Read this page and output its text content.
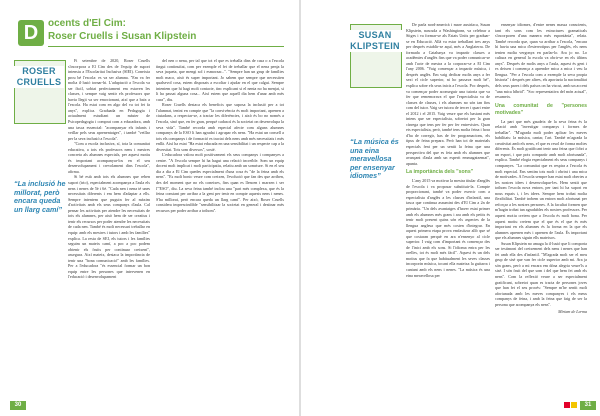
D ocents d'El Cim:
Roser Cruells i Susan Klipstein
ROSER CRUELLS
“La inclusió he millorat, però encara queda un llarg camí”

Fi setembre de 2020, Roser Cruells s'incorpora a El Cim des de l'equip de suport intensiu a l'Escolaritat Inclusiva (SIEI). Coneixia prou bé l'escola: es va ser alumna. "Em va fer molta il·lusió tornar-hi. L'adaptació a l'escola va ser fàcil, sobtat perfectament em estaven les classes, i sempre vaig sentir els professors que havia llegit va ser emocionant, així que a baix a l'escola. Ha estat com en algo del va tot fet fa anys", explica. Graduada en Pedagogia i actualment estudiant un màster de Psicopedagogia i comprat com a educadora, amb una tasca essencial: "acompanyar els infants i vetllar pels seus aprenentatges", i també "vetllar per la seva inclusió a l'escola".

"Com a escola inclusiva, sí, tota la comunitat educativa, a tots els professors nens i mestres concreta als alumnes especials, per aquest motiu és important acompanyar-los en el seu desenvolupament i crevolament dins l'escola", afirma.

Si bé està amb tots els alumnes que reben suport (trio), especialment acompanya a l'aula els nens i nenes de 5è i 6è. "Cada nen i nena té unes necessitats diferents i em hem d'adaptar a ells. Sempre intentem que puguin fer al màxim d'activitats amb els seus companys d'aula. Cal pensar les activitats per atendre les necessitats de tots els alumnes, per això hem de ser creatius i tenir els recursos per poder atendre les necessitats de cada nen. També és molt necessari treballar en equip: amb els mestres i tutors i amb les famílies" explica. La resta de SEI, els tutors i les famílies seguim un mateix camí, a poc a poc podem obtenir els fruits per continuar creixent", assegura. Així mateix, destaca la importància de tenir una "bona comunicació" amb les famílies. Per a l'educadora "és essencial formar un bon equip entre les persones que intervenen en l'educació i desenvolupament

del nen o nena, per tal que tot el que es treballa dins de casa o a l'escola tingui continuïtat, com per exemple el fet de treballar que el nena penja la seva jaqueta, que mengi sol i esmorzar...". "Sempre han un grup de famílies molt maco, això és super important. Jo sabem que sempre que necessiten qualsevol cosa, estem disposats a escoltar i ajudar en el que calgui. Sempre intentem que hi hagi molt contacte, tinc explicant si el nenia no ha menjat, si li ha passat alguna cosa... Així estem que aquell dia hem d'anar amb més cura", diu.

Roser Cruells destaca els beneficis que suposa la inclusió per a tot l'alumnat, tenint en compte que "la convivència és molt important, aprenen a ciutadans, a respectar-se, a tractar les diferències, i això és bo no només a l'escola, sinó que, en fer gran, perquè cadascú és la societat on desenvolupa la seva vida". També recorda amb especial afecte com alguns alumnes companys de la ESO li han agradat i agrupar els nens. "Ha estat un consell a tots els companys i de formació es tractat dels nens amb més necessitats i més enllà. Així ha estat "Ha estat educada en una sensibilitat i un respecte cap a la diversitat. Tots som diversos", sosté.

L'educadora valora molt positivament els seus companys i companyes a centre. "A l'escola sempre hi ha hagut una relació increïble. Som un equip docent molt implicat i molt participatiu, relatiu amb un somriure. Si en el seu dia a dia a El Cim quedes especialment d'una cosa és "de la feina amb els nens". "Es molt bonic veure com creixen, l'evolució que fan des que arriben, des del moment que no els coneixes, fins quan es llencen i marxen i ser l'"ESO", diu. La seva feina també inclou una "part més complexa, que és la feina constant per arribar a la gent per tenir en compte aquests nens i nenes. S'ha millorat, però encara queda un llarg camí". Per això, Roser Cruells considera imprescindible "sensibilitzar la societat en general i destinar més recursos per poder arribar a tothom".

30
SUSAN KLIPSTEIN
“La música és una eina meravellosa per ensenyar idiomes”

De parla nord-americà i mare austríaca, Susan Klipstein, nascuda a Washingtonn, va celebrar a Sitges i va formar-se als Estats Units per graduar-se en Educació. Allà va estar treballant tres anys per després establir-se aquí, més a Anglaterra. De formada a Catalunya va impartir classes a acadèmies d'anglès fins que va poder comunicar-se amb l'acte de mestra a la corporar-se a El Cim l'any 2006. "Vaig començar a impartir música, i després anglès. Em vaig dedicar molts anys a fer sexi el cicle superior, ni ho passava molt bé", explica sobre els seus inicis a l'escola. Poc després, va començar poder aconseguir una tutoria que va fer que rememorava el que l'especialista va de classes de classes, i els alumnes no són tan fins com del tutor. Vaig ser tutora de tercer i quart entre el 2012 i el 2015. Vaig veure que els bastant més intens que ser especialista, sobretot per la gran càrrega que tens per fer per fer entrevistes. Quan ets especialista, però, també tens molta feina i hora d'ha de corregir, has de fer programacions, els tipus de feina prepara. Però han tot de materials especials fent per un sentit la feina que una perspectiva del que es feia amb els alumnes que avançant d'aula amb un esperit emmagatzemat", apunta.

La importància dels "sons"

L'any 2015 va motivar la mestra titular d'anglès de l'escola i va proposar substituir-la. Compte proporcionant, també va poder exercir com a especialista d'anglès a les classes d'infantil, una tasca que continua assumint des d'El Cim a 2n de primària. "Un dels avantatges d'haver estat primer amb els alumnes més grans i ara amb els petits és tenir molt present quins són els aspectes de la llengua anglesa que més costen d'integrar. En aquest primera etapa prova emfasitzar allò que sé que costaran perquè en ara n'ensenyo al cicle superior. I vaig com d'important és començar des de l'inici amb els sons. Si l'idioma entra per les orelles, tot és molt més fàcil". Aquest és un dels motius que fa que habitualment les seves classes incorporin música, tocant ella mateixa la guitarra i cantant amb els nens i nenes. "La música és una eina meravellosa per

ensenyar idiomes, d'entre nenes massa conscients, tant els sons com les estructures gramaticals s'incorporen d'una manera més espontània", relata. També recorda que, quan va arribar a l'escola, "encara hi havia una mica d'estereotipus per l'anglès, els nens tenien molta vergonya en parlar-lo. Ara jo no. Lo cultura en general la escola va obrir-se en els últims anys". Després de molts anys a l'aula, aquest és gent i es deixen i comença a aprendre mica a mica i veu la llengua. "Per a l'escola com a exemple la seva propia historia" i després per altres, els aportaria la nacionalitat dels seus pares i dels països on ha viscut, amb un accent "una mica híbrid". "Soc representativa del món actual", resumeix.

Una comunitat de "persones motivades"

La part que més gaudeix de la seva feina és la relació amb "investigar companys i formes de treballar". "M'agrada molt poder aplicar les meves habilitats: la música, cantar, l'art. També m'agrada la creativitat amb els nens, el que es resol de forma moltes diferents. És molt gratificant tenir una feina que t'obri a un esport, i que pots compartir amb molt afortunada", explica. També elogia especialment els seus companys i companyes. "La comunitat que es respira a l'escola és molt especial. Ens sentim tots molt i obrint i una mica de motivades. A l'escola sempre han estat molt obertes a les nostres idees i desenvolupar-les. Hem sentit que tothom l'escola nova entorn, per tant hi ha suport en nous espais i, i les idees. Sempre hem trobat molta flexibilitat. També trobem un entorn molt afortunat per reforçar a les nostres persones. A la facultat formen que m'hagin trobat tan agradables els nostres professors. Per aquest motiu creiem que a l'escola és molt bona. Per aquest motiu creiem que el que és el que és més important en els alumnes és la forma en la que els alumnes aprenen més i aprenen de l'aula. És important que els alumnes siguin ells mateixos.

Susan Klipstein no amaga la il·lusió que li comporta ser testimoni del creixement dels nens i nenes que han fet amb ella des d'infantil. "M'agrada molt ser el meu grup de sisè que van fer cicle superior amb mi. Ara ja són grans, però a mi encara em dóna alegria veure'ls a sisè. I són fruit del que som i del que hem fet amb els nens". Com la reflexió veure a ser especialment gratificant, sobretot quan es tracta de persones joves que han fet el seu procés: "Sempre m'he sentit molt afortunada amb les meves companyes i els meus companys de feina, i amb la feina que faig de ser la persona que acompanya els nens".

Míriam de Lerma

31
